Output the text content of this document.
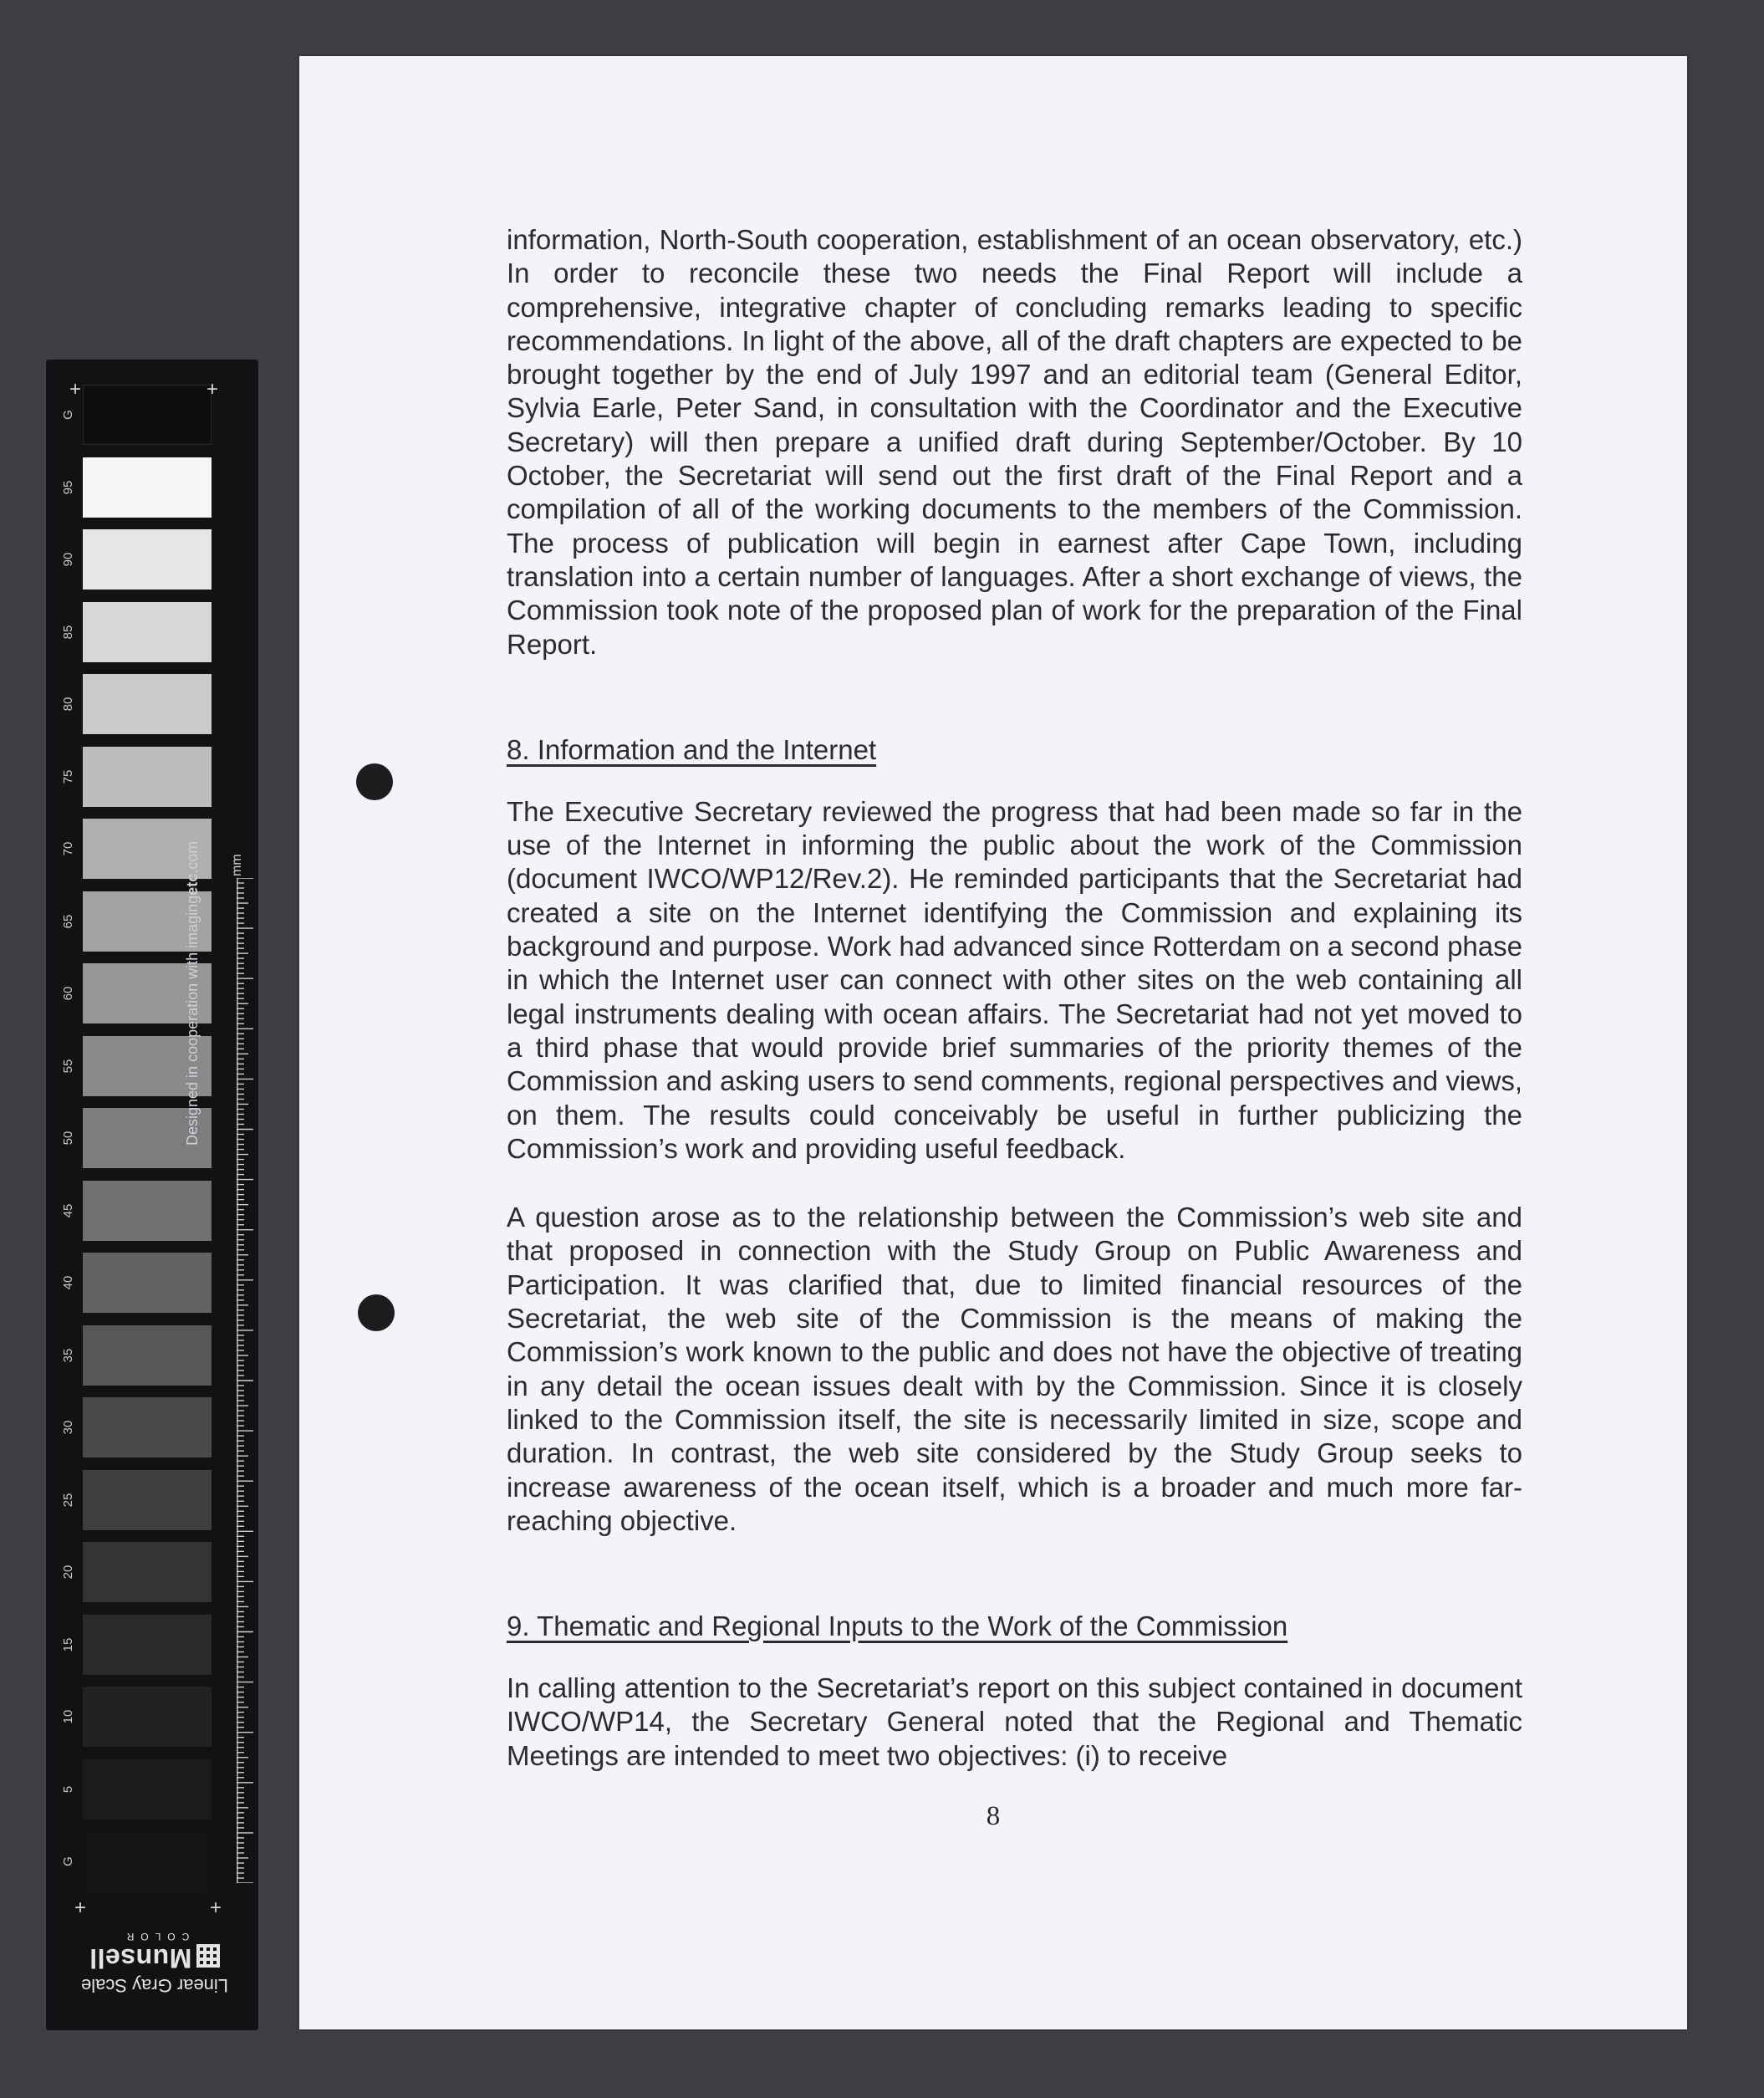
information, North-South cooperation, establishment of an ocean observatory, etc.) In order to reconcile these two needs the Final Report will include a comprehensive, integrative chapter of concluding remarks leading to specific recommendations. In light of the above, all of the draft chapters are expected to be brought together by the end of July 1997 and an editorial team (General Editor, Sylvia Earle, Peter Sand, in consultation with the Coordinator and the Executive Secretary) will then prepare a unified draft during September/October. By 10 October, the Secretariat will send out the first draft of the Final Report and a compilation of all of the working documents to the members of the Commission. The process of publication will begin in earnest after Cape Town, including translation into a certain number of languages. After a short exchange of views, the Commission took note of the proposed plan of work for the preparation of the Final Report.

8. Information and the Internet

The Executive Secretary reviewed the progress that had been made so far in the use of the Internet in informing the public about the work of the Commission (document IWCO/WP12/Rev.2). He reminded participants that the Secretariat had created a site on the Internet identifying the Commission and explaining its background and purpose. Work had advanced since Rotterdam on a second phase in which the Internet user can connect with other sites on the web containing all legal instruments dealing with ocean affairs. The Secretariat had not yet moved to a third phase that would provide brief summaries of the priority themes of the Commission and asking users to send comments, regional perspectives and views, on them. The results could conceivably be useful in further publicizing the Commission’s work and providing useful feedback.

A question arose as to the relationship between the Commission’s web site and that proposed in connection with the Study Group on Public Awareness and Participation. It was clarified that, due to limited financial resources of the Secretariat, the web site of the Commission is the means of making the Commission’s work known to the public and does not have the objective of treating in any detail the ocean issues dealt with by the Commission. Since it is closely linked to the Commission itself, the site is necessarily limited in size, scope and duration. In contrast, the web site considered by the Study Group seeks to increase awareness of the ocean itself, which is a broader and much more far-reaching objective.

9. Thematic and Regional Inputs to the Work of the Commission

In calling attention to the Secretariat’s report on this subject contained in document IWCO/WP14, the Secretary General noted that the Regional and Thematic Meetings are intended to meet two objectives: (i) to receive

8
G
95
90
85
80
75
70
65
60
55
50
45
40
35
30
25
20
15
10
5
G
+	+
+	+
Designed in cooperation with imagingetc.com	mm
Linear Gray Scale
Munsell
COLOR
